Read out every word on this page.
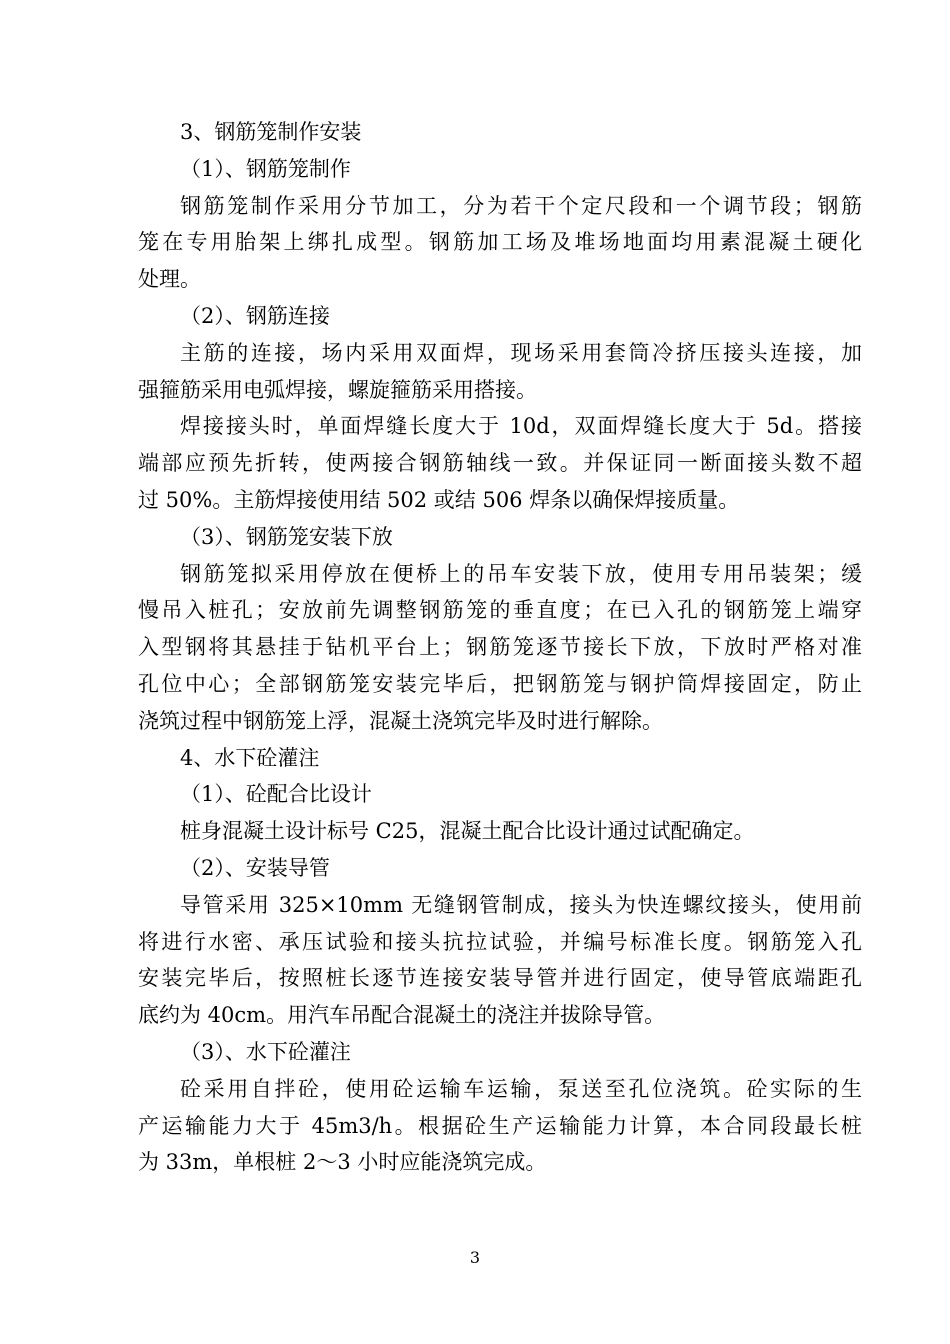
3、钢筋笼制作安装
（1）、钢筋笼制作
钢筋笼制作采用分节加工，分为若干个定尺段和一个调节段；钢筋
笼在专用胎架上绑扎成型。钢筋加工场及堆场地面均用素混凝土硬化
处理。
（2）、钢筋连接
主筋的连接，场内采用双面焊，现场采用套筒冷挤压接头连接，加
强箍筋采用电弧焊接，螺旋箍筋采用搭接。
焊接接头时，单面焊缝长度大于 10d，双面焊缝长度大于 5d。搭接
端部应预先折转，使两接合钢筋轴线一致。并保证同一断面接头数不超
过 50%。主筋焊接使用结 502 或结 506 焊条以确保焊接质量。
（3）、钢筋笼安装下放
钢筋笼拟采用停放在便桥上的吊车安装下放，使用专用吊装架；缓
慢吊入桩孔；安放前先调整钢筋笼的垂直度；在已入孔的钢筋笼上端穿
入型钢将其悬挂于钻机平台上；钢筋笼逐节接长下放，下放时严格对准
孔位中心；全部钢筋笼安装完毕后，把钢筋笼与钢护筒焊接固定，防止
浇筑过程中钢筋笼上浮，混凝土浇筑完毕及时进行解除。
4、水下砼灌注
（1）、砼配合比设计
桩身混凝土设计标号 C25，混凝土配合比设计通过试配确定。
（2）、安装导管
导管采用 325×10mm 无缝钢管制成，接头为快连螺纹接头，使用前
将进行水密、承压试验和接头抗拉试验，并编号标准长度。钢筋笼入孔
安装完毕后，按照桩长逐节连接安装导管并进行固定，使导管底端距孔
底约为 40cm。用汽车吊配合混凝土的浇注并拔除导管。
（3）、水下砼灌注
砼采用自拌砼，使用砼运输车运输，泵送至孔位浇筑。砼实际的生
产运输能力大于 45m3/h。根据砼生产运输能力计算，本合同段最长桩
为 33m，单根桩 2～3 小时应能浇筑完成。
3
